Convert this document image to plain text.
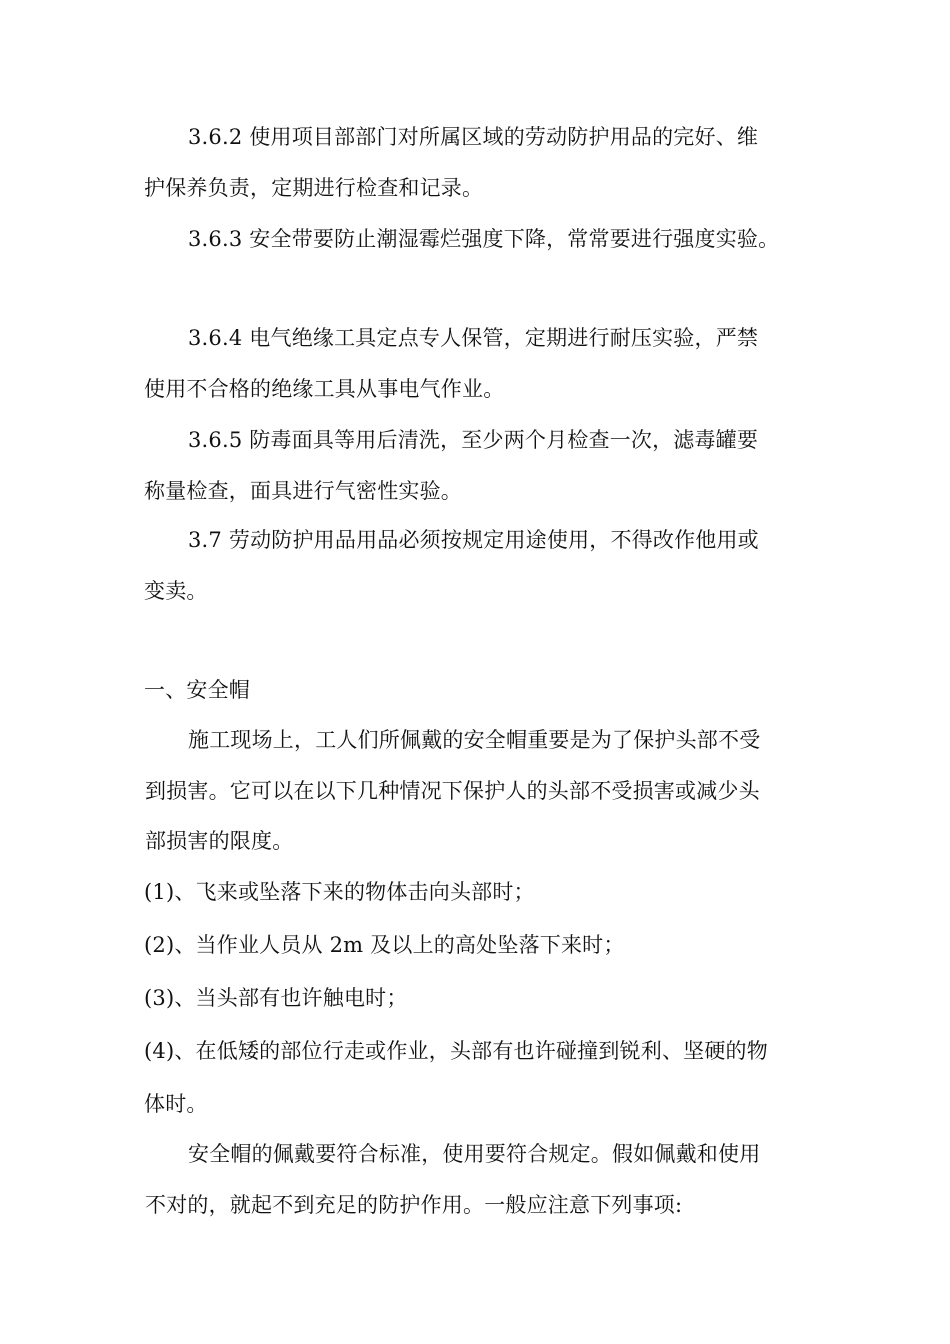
3.6.2 使用项目部部门对所属区域的劳动防护用品的完好、维
护保养负责，定期进行检查和记录。
3.6.3 安全带要防止潮湿霉烂强度下降，常常要进行强度实验。
3.6.4 电气绝缘工具定点专人保管，定期进行耐压实验，严禁
使用不合格的绝缘工具从事电气作业。
3.6.5 防毒面具等用后清洗，至少两个月检查一次，滤毒罐要
称量检查，面具进行气密性实验。
3.7 劳动防护用品用品必须按规定用途使用，不得改作他用或
变卖。
一、安全帽
施工现场上，工人们所佩戴的安全帽重要是为了保护头部不受
到损害。它可以在以下几种情况下保护人的头部不受损害或减少头
部损害的限度。
(1)、飞来或坠落下来的物体击向头部时；
(2)、当作业人员从 2m 及以上的高处坠落下来时；
(3)、当头部有也许触电时；
(4)、在低矮的部位行走或作业，头部有也许碰撞到锐利、坚硬的物
体时。
安全帽的佩戴要符合标准，使用要符合规定。假如佩戴和使用
不对的，就起不到充足的防护作用。一般应注意下列事项:
